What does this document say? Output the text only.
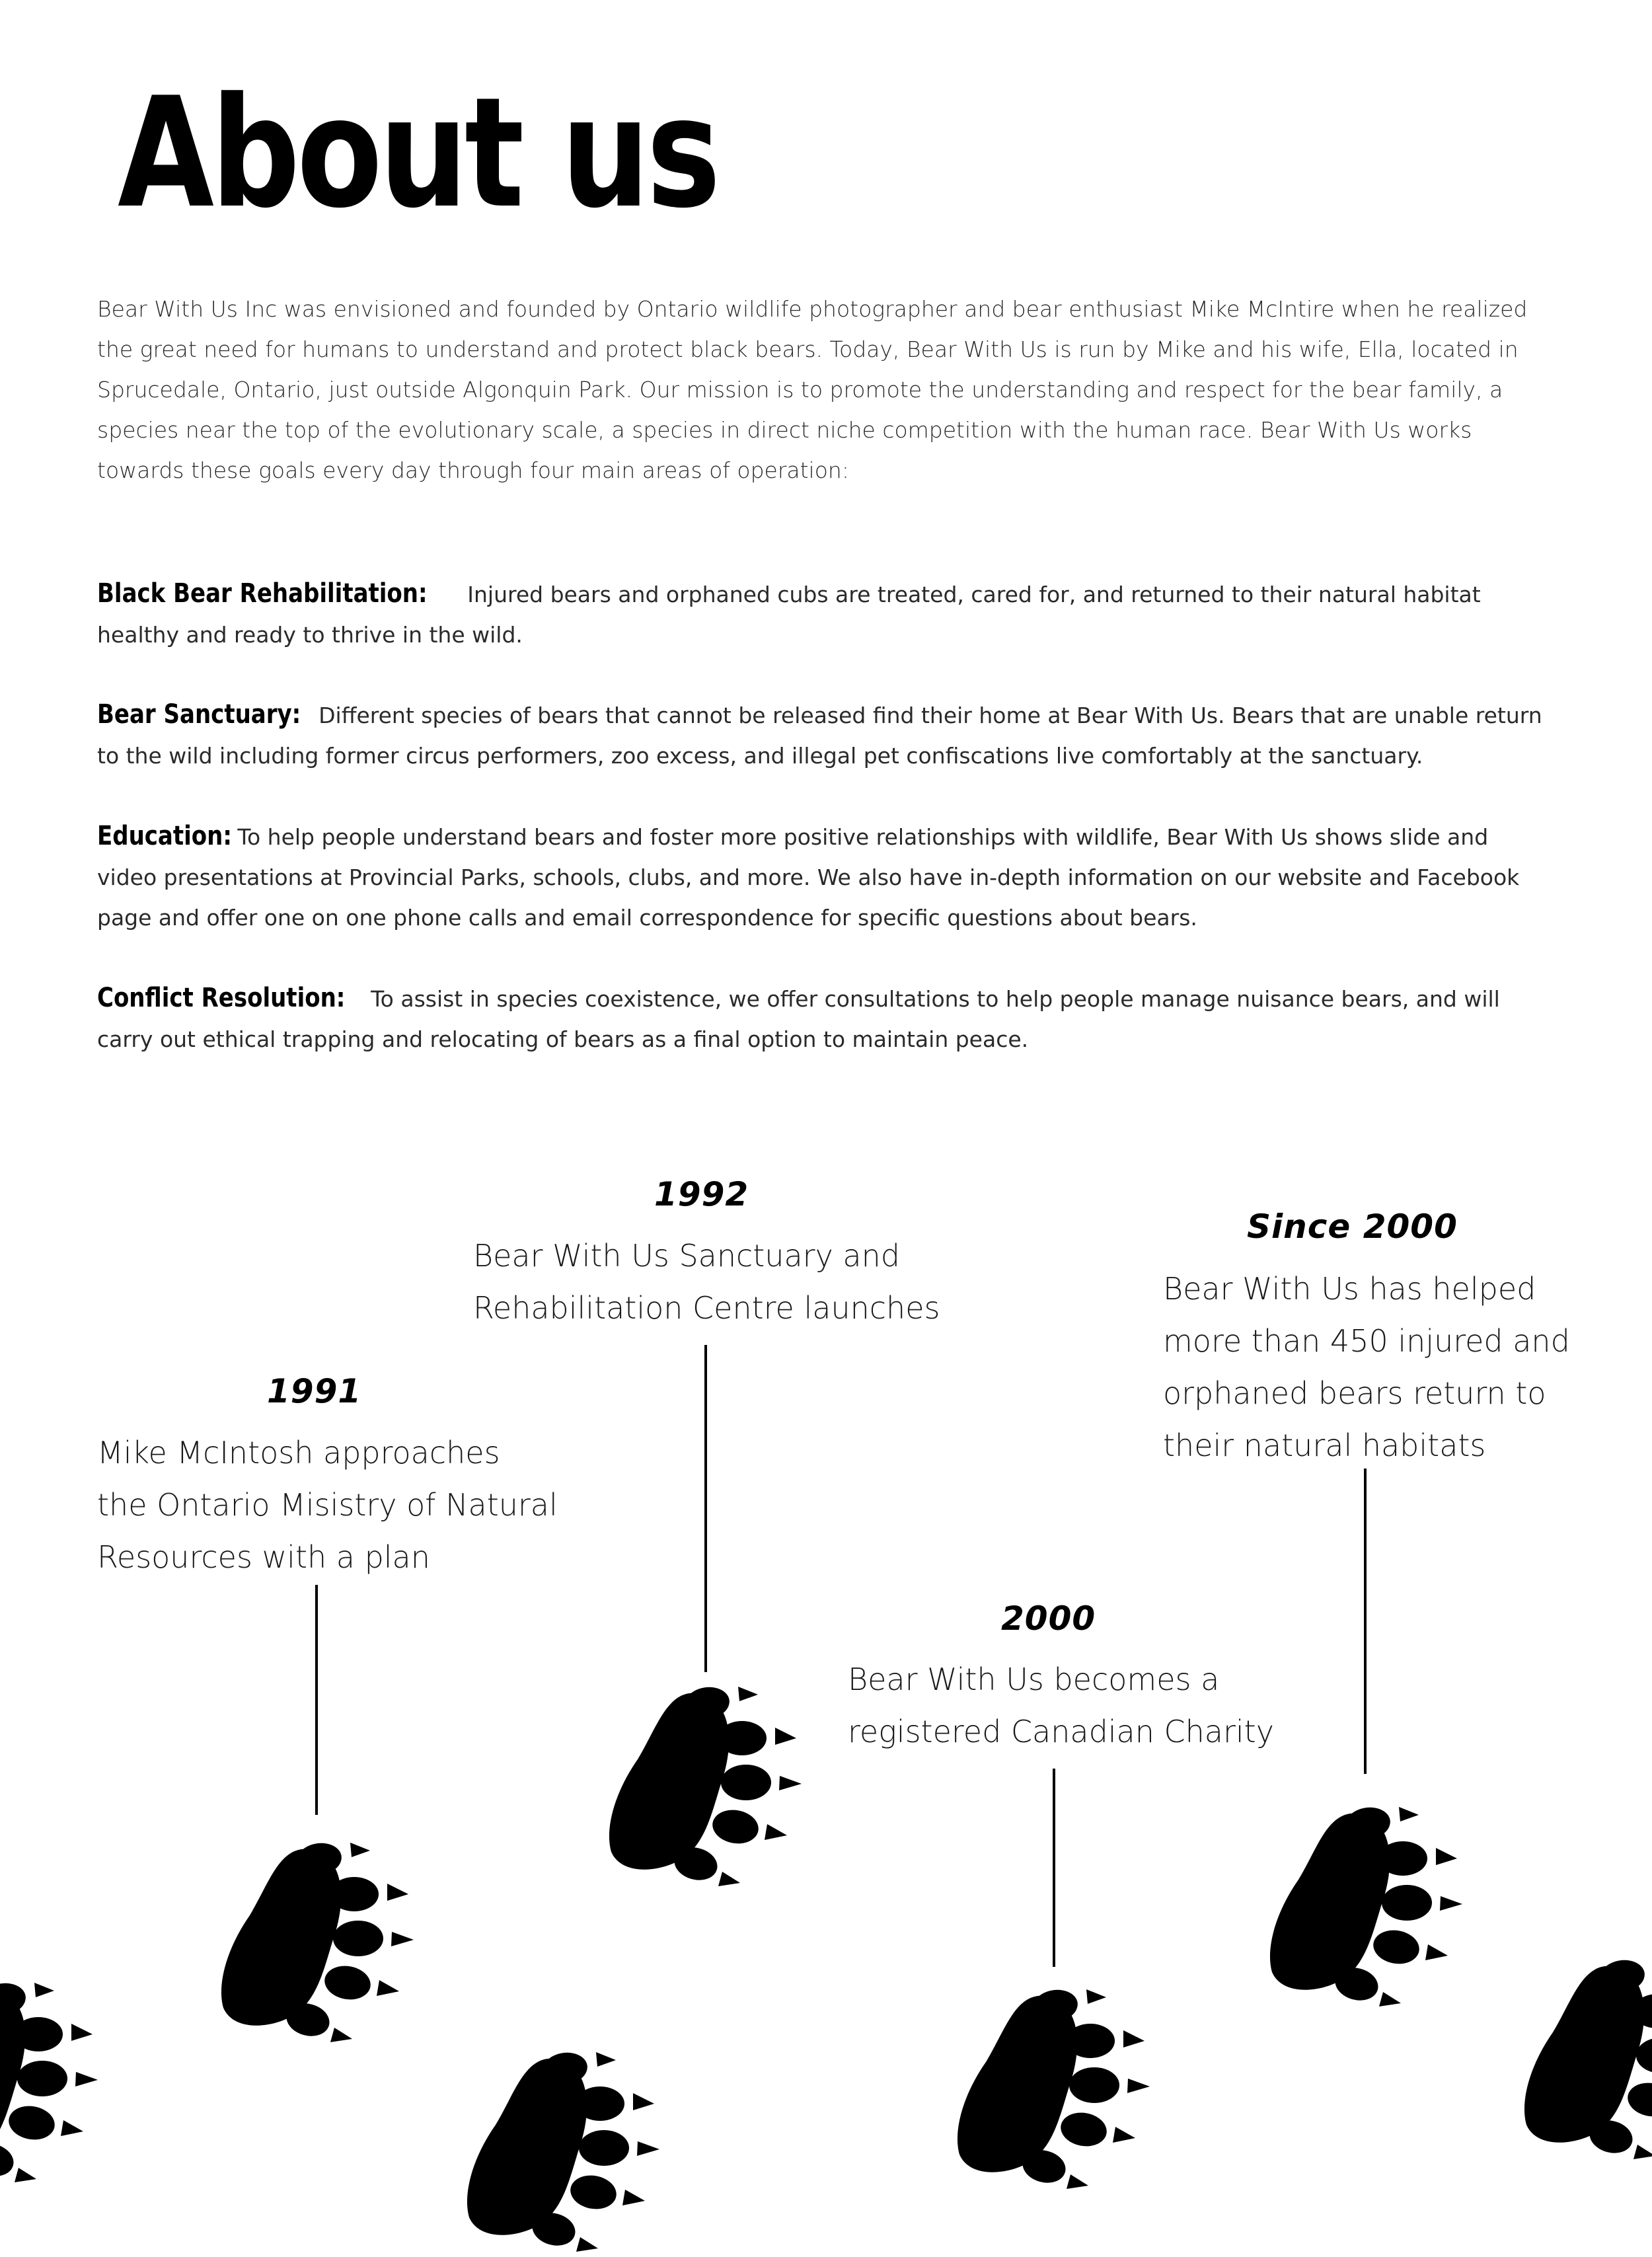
About us

Bear With Us Inc was envisioned and founded by Ontario wildlife photographer and bear enthusiast Mike McIntire when he realized the great need for humans to understand and protect black bears. Today, Bear With Us is run by Mike and his wife, Ella, located in Sprucedale, Ontario, just outside Algonquin Park. Our mission is to promote the understanding and respect for the bear family, a species near the top of the evolutionary scale, a species in direct niche competition with the human race. Bear With Us works towards these goals every day through four main areas of operation:

Black Bear Rehabilitation: Injured bears and orphaned cubs are treated, cared for, and returned to their natural habitat healthy and ready to thrive in the wild.

Bear Sanctuary: Different species of bears that cannot be released find their home at Bear With Us. Bears that are unable return to the wild including former circus performers, zoo excess, and illegal pet confiscations live comfortably at the sanctuary.

Education: To help people understand bears and foster more positive relationships with wildlife, Bear With Us shows slide and video presentations at Provincial Parks, schools, clubs, and more. We also have in-depth information on our website and Facebook page and offer one on one phone calls and email correspondence for specific questions about bears.

Conflict Resolution: To assist in species coexistence, we offer consultations to help people manage nuisance bears, and will carry out ethical trapping and relocating of bears as a final option to maintain peace.

1991
Mike McIntosh approaches
the Ontario Misistry of Natural
Resources with a plan
1992
Bear With Us Sanctuary and
Rehabilitation Centre launches
2000
Bear With Us becomes a
registered Canadian Charity
Since 2000
Bear With Us has helped
more than 450 injured and
orphaned bears return to
their natural habitats
1
